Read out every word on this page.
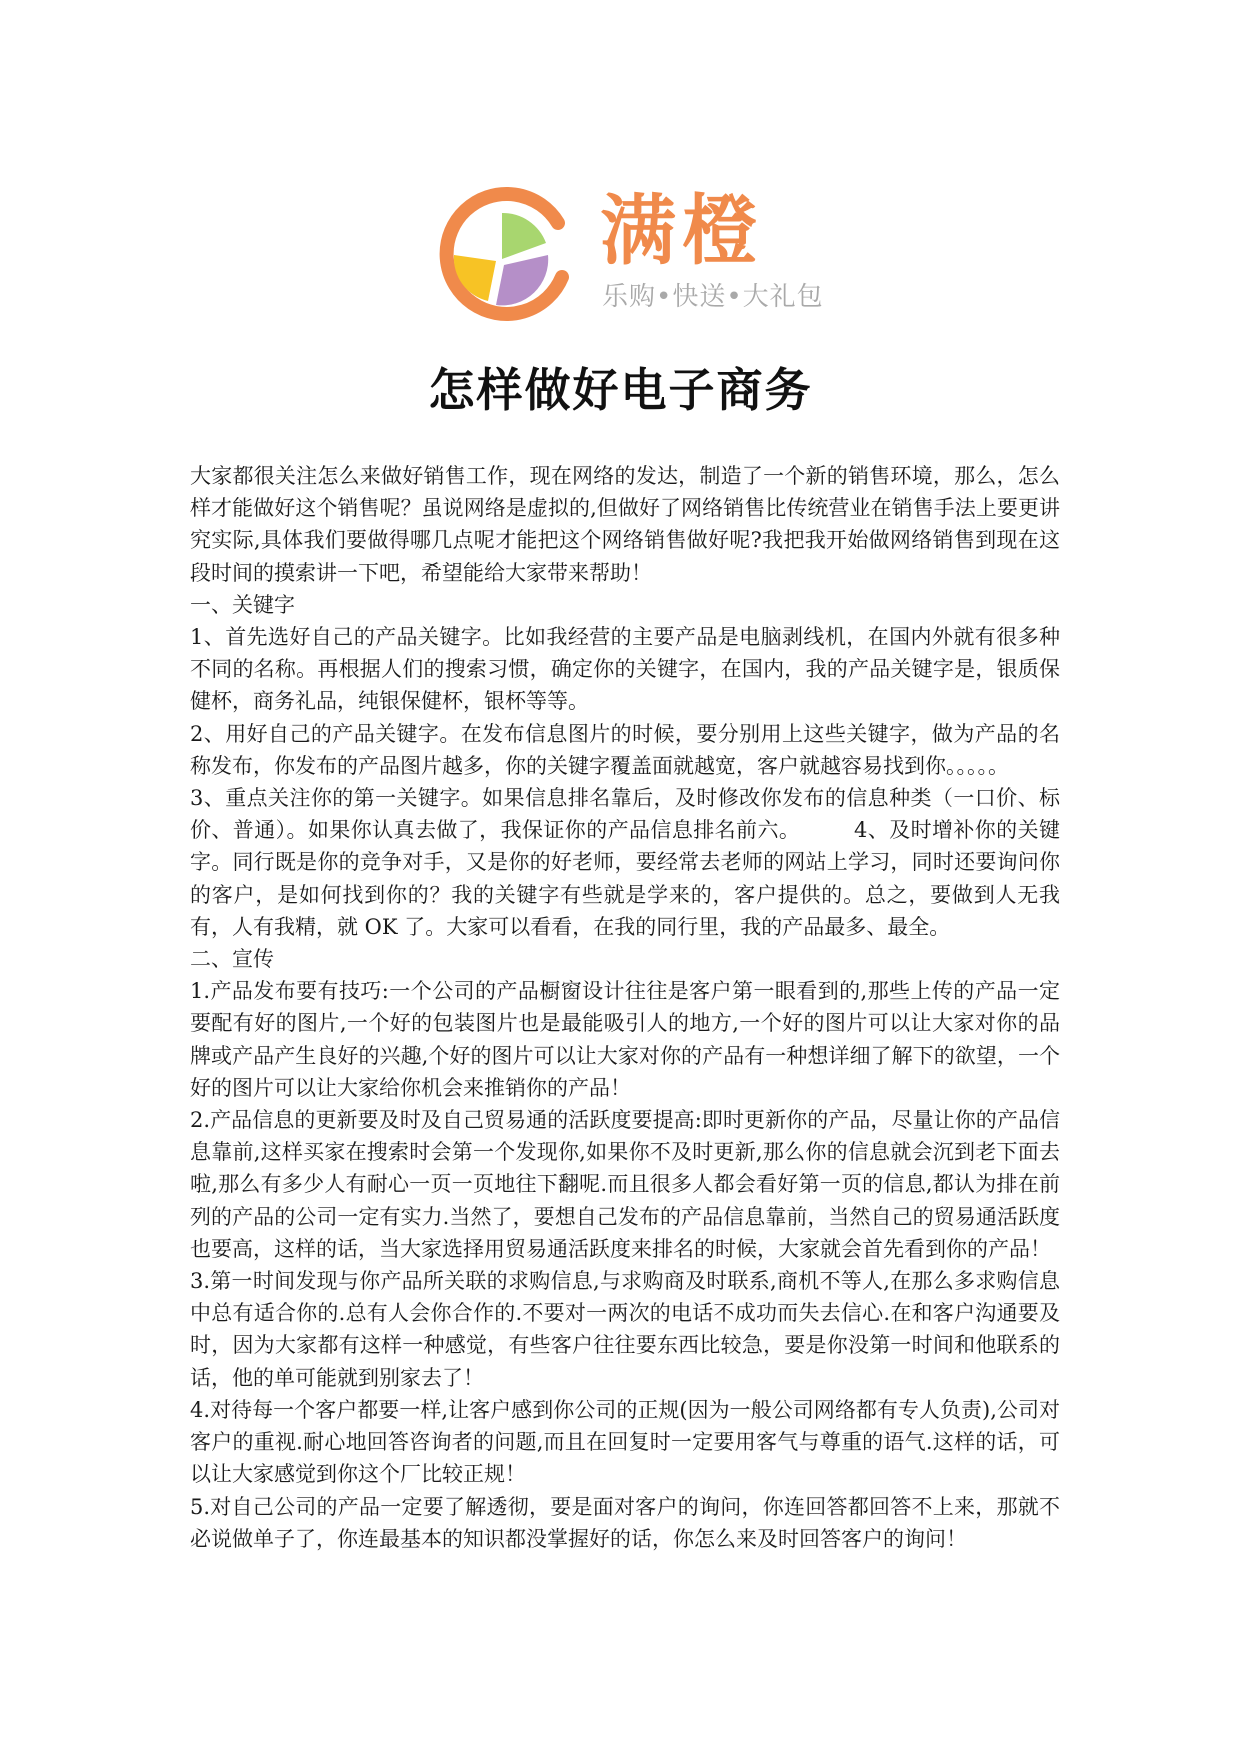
满橙
乐购•快送•大礼包
怎样做好电子商务

大家都很关注怎么来做好销售工作，现在网络的发达，制造了一个新的销售环境，那么，怎么样才能做好这个销售呢？虽说网络是虚拟的,但做好了网络销售比传统营业在销售手法上要更讲究实际,具体我们要做得哪几点呢才能把这个网络销售做好呢?我把我开始做网络销售到现在这段时间的摸索讲一下吧，希望能给大家带来帮助！

一、关键字

1、首先选好自己的产品关键字。比如我经营的主要产品是电脑剥线机，在国内外就有很多种不同的名称。再根据人们的搜索习惯，确定你的关键字，在国内，我的产品关键字是，银质保健杯，商务礼品，纯银保健杯，银杯等等。

2、用好自己的产品关键字。在发布信息图片的时候，要分别用上这些关键字，做为产品的名称发布，你发布的产品图片越多，你的关键字覆盖面就越宽，客户就越容易找到你。。。。。

3、重点关注你的第一关键字。如果信息排名靠后，及时修改你发布的信息种类（一口价、标价、普通）。如果你认真去做了，我保证你的产品信息排名前六。　　　4、及时增补你的关键字。同行既是你的竞争对手，又是你的好老师，要经常去老师的网站上学习，同时还要询问你的客户，是如何找到你的？我的关键字有些就是学来的，客户提供的。总之，要做到人无我有，人有我精，就 OK 了。大家可以看看，在我的同行里，我的产品最多、最全。

二、宣传

1.产品发布要有技巧:一个公司的产品橱窗设计往往是客户第一眼看到的,那些上传的产品一定要配有好的图片,一个好的包装图片也是最能吸引人的地方,一个好的图片可以让大家对你的品牌或产品产生良好的兴趣,个好的图片可以让大家对你的产品有一种想详细了解下的欲望，一个好的图片可以让大家给你机会来推销你的产品！

2.产品信息的更新要及时及自己贸易通的活跃度要提高:即时更新你的产品，尽量让你的产品信息靠前,这样买家在搜索时会第一个发现你,如果你不及时更新,那么你的信息就会沉到老下面去啦,那么有多少人有耐心一页一页地往下翻呢.而且很多人都会看好第一页的信息,都认为排在前列的产品的公司一定有实力.当然了，要想自己发布的产品信息靠前，当然自己的贸易通活跃度也要高，这样的话，当大家选择用贸易通活跃度来排名的时候，大家就会首先看到你的产品！

3.第一时间发现与你产品所关联的求购信息,与求购商及时联系,商机不等人,在那么多求购信息中总有适合你的.总有人会你合作的.不要对一两次的电话不成功而失去信心.在和客户沟通要及时，因为大家都有这样一种感觉，有些客户往往要东西比较急，要是你没第一时间和他联系的话，他的单可能就到别家去了！

4.对待每一个客户都要一样,让客户感到你公司的正规(因为一般公司网络都有专人负责),公司对客户的重视.耐心地回答咨询者的问题,而且在回复时一定要用客气与尊重的语气.这样的话，可以让大家感觉到你这个厂比较正规！

5.对自己公司的产品一定要了解透彻，要是面对客户的询问，你连回答都回答不上来，那就不必说做单子了，你连最基本的知识都没掌握好的话，你怎么来及时回答客户的询问！
